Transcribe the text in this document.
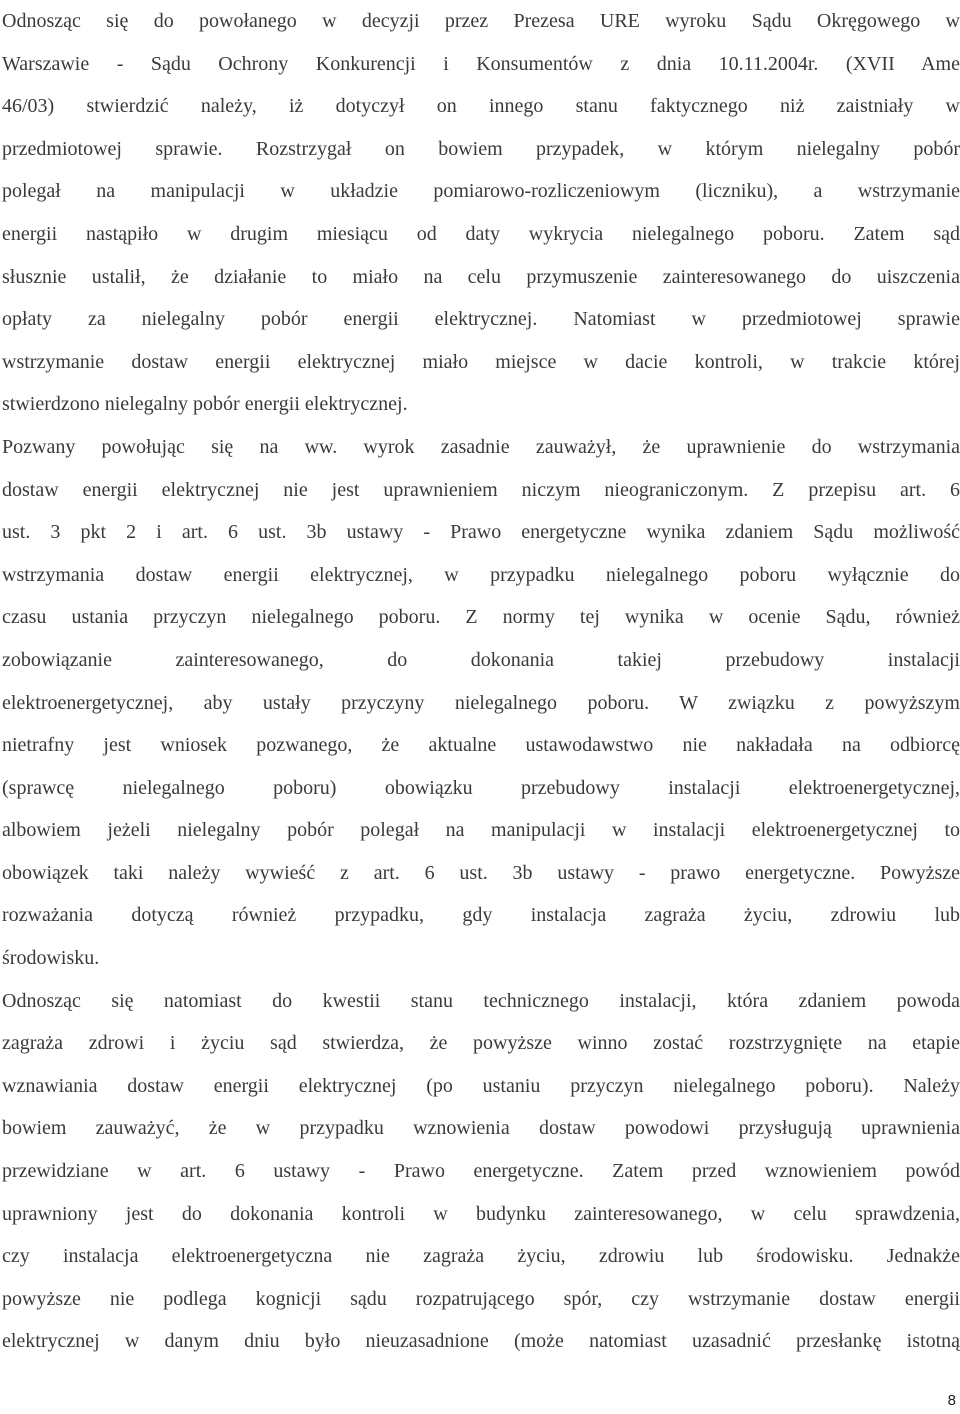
Odnosząc się do powołanego w decyzji przez Prezesa URE wyroku Sądu Okręgowego w
Warszawie - Sądu Ochrony Konkurencji i Konsumentów z dnia 10.11.2004r. (XVII Ame
46/03) stwierdzić należy, iż dotyczył on innego stanu faktycznego niż zaistniały w
przedmiotowej sprawie. Rozstrzygał on bowiem przypadek, w którym nielegalny pobór
polegał na manipulacji w układzie pomiarowo-rozliczeniowym (liczniku), a wstrzymanie
energii nastąpiło w drugim miesiącu od daty wykrycia nielegalnego poboru. Zatem sąd
słusznie ustalił, że działanie to miało na celu przymuszenie zainteresowanego do uiszczenia
opłaty za nielegalny pobór energii elektrycznej. Natomiast w przedmiotowej sprawie
wstrzymanie dostaw energii elektrycznej miało miejsce w dacie kontroli, w trakcie której
stwierdzono nielegalny pobór energii elektrycznej.
Pozwany powołując się na ww. wyrok zasadnie zauważył, że uprawnienie do wstrzymania
dostaw energii elektrycznej nie jest uprawnieniem niczym nieograniczonym. Z przepisu art. 6
ust. 3 pkt 2 i art. 6 ust. 3b ustawy - Prawo energetyczne wynika zdaniem Sądu możliwość
wstrzymania dostaw energii elektrycznej, w przypadku nielegalnego poboru wyłącznie do
czasu ustania przyczyn nielegalnego poboru. Z normy tej wynika w ocenie Sądu, również
zobowiązanie zainteresowanego, do dokonania takiej przebudowy instalacji
elektroenergetycznej, aby ustały przyczyny nielegalnego poboru. W związku z powyższym
nietrafny jest wniosek pozwanego, że aktualne ustawodawstwo nie nakładała na odbiorcę
(sprawcę nielegalnego poboru) obowiązku przebudowy instalacji elektroenergetycznej,
albowiem jeżeli nielegalny pobór polegał na manipulacji w instalacji elektroenergetycznej to
obowiązek taki należy wywieść z art. 6 ust. 3b ustawy - prawo energetyczne. Powyższe
rozważania dotyczą również przypadku, gdy instalacja zagraża życiu, zdrowiu lub
środowisku.
Odnosząc się natomiast do kwestii stanu technicznego instalacji, która zdaniem powoda
zagraża zdrowi i życiu sąd stwierdza, że powyższe winno zostać rozstrzygnięte na etapie
wznawiania dostaw energii elektrycznej (po ustaniu przyczyn nielegalnego poboru). Należy
bowiem zauważyć, że w przypadku wznowienia dostaw powodowi przysługują uprawnienia
przewidziane w art. 6 ustawy - Prawo energetyczne. Zatem przed wznowieniem powód
uprawniony jest do dokonania kontroli w budynku zainteresowanego, w celu sprawdzenia,
czy instalacja elektroenergetyczna nie zagraża życiu, zdrowiu lub środowisku. Jednakże
powyższe nie podlega kognicji sądu rozpatrującego spór, czy wstrzymanie dostaw energii
elektrycznej w danym dniu było nieuzasadnione (może natomiast uzasadnić przesłankę istotną
8
